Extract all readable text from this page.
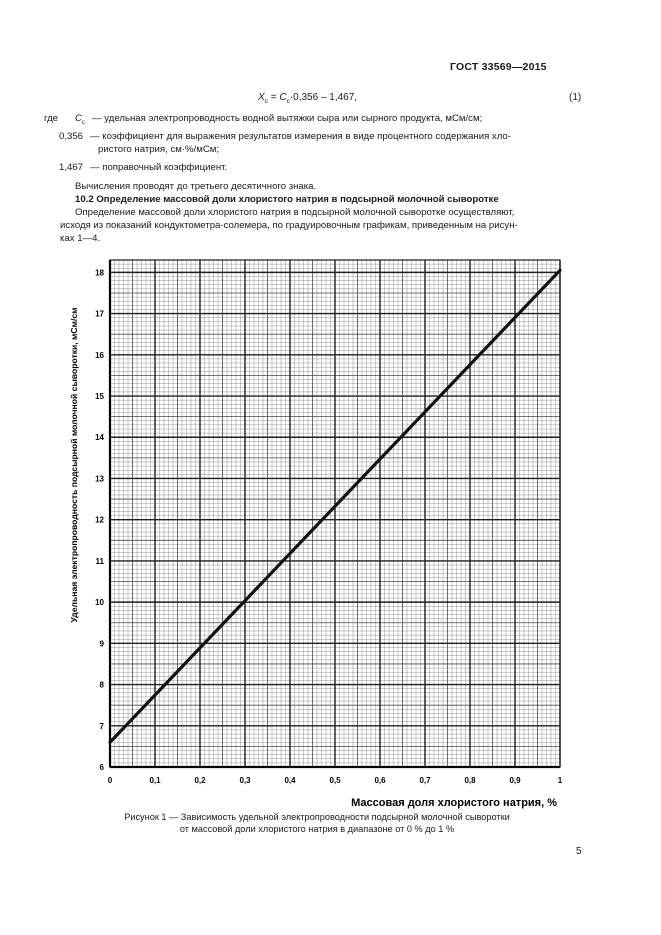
ГОСТ 33569—2015
$X_c = C_c\cdot 0,356 - 1,467$,	(1)
где $C_c$ — удельная электропроводность водной вытяжки сыра или сырного продукта, мСм/см;
0,356 — коэффициент для выражения результатов измерения в виде процентного содержания хло-
ристого натрия, см·%/мСм;
1,467 — поправочный коэффициент.
Вычисления проводят до третьего десятичного знака.
10.2 Определение массовой доли хлористого натрия в подсырной молочной сыворотке
Определение массовой доли хлористого натрия в подсырной молочной сыворотке осуществляют,
исходя из показаний кондуктометра-солемера, по градуировочным графикам, приведенным на рисун-
ках 1—4.
0	0,1	0,2	0,3	0,4	0,5	0,6	0,7	0,8	0,9	1
6
7
8
9
10
11
12
13
14
15
16
17
18
Массовая доля хлористого натрия, %
Удельная электропроводность подсырной молочной сыворотки, мСм/см
Рисунок 1 — Зависимость удельной электропроводности подсырной молочной сыворотки
от массовой доли хлористого натрия в диапазоне от 0 % до 1 %
5
